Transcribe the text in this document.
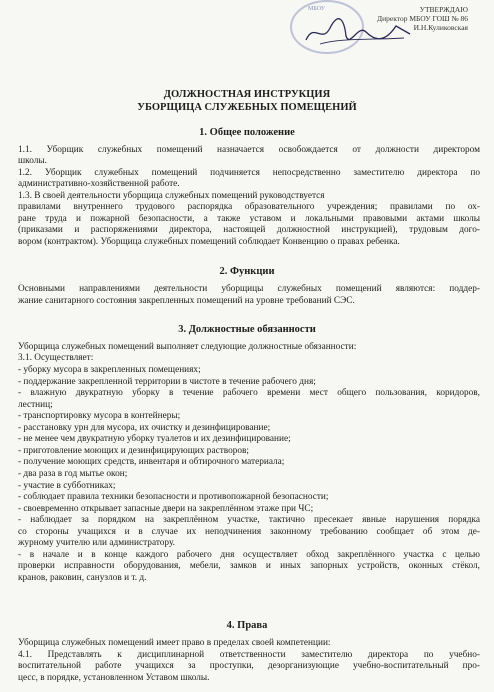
МБОУ	УТВЕРЖДАЮ
Директор МБОУ ГОШ № 86
И.Н.Куликовская
ДОЛЖНОСТНАЯ ИНСТРУКЦИЯ
УБОРЩИЦА СЛУЖЕБНЫХ ПОМЕЩЕНИЙ
1. Общее положение
1.1. Уборщик служебных помещений назначается освобождается от должности директором
школы.
1.2. Уборщик служебных помещений подчиняется непосредственно заместителю директора по
административно-хозяйственной работе.
1.3. В своей деятельности уборщица служебных помещений руководствуется
правилами внутреннего трудового распорядка образовательного учреждения; правилами по ох-
ране труда и пожарной безопасности, а также уставом и локальными правовыми актами школы
(приказами и распоряжениями директора, настоящей должностной инструкцией), трудовым дого-
вором (контрактом). Уборщица служебных помещений соблюдает Конвенцию о правах ребенка.
2. Функции
Основными направлениями деятельности уборщицы служебных помещений являются: поддер-
жание санитарного состояния закрепленных помещений на уровне требований СЭС.
3. Должностные обязанности
Уборщица служебных помещений выполняет следующие должностные обязанности:
3.1. Осуществляет:
- уборку мусора в закрепленных помещениях;
- поддержание закрепленной территории в чистоте в течение рабочего дня;
- влажную двукратную уборку в течение рабочего времени мест общего пользования, коридоров,
лестниц;
- транспортировку мусора в контейнеры;
- расстановку урн для мусора, их очистку и дезинфицирование;
- не менее чем двукратную уборку туалетов и их дезинфицирование;
- приготовление моющих и дезинфицирующих растворов;
- получение моющих средств, инвентаря и обтирочного материала;
- два раза в год мытье окон;
- участие в субботниках;
- соблюдает правила техники безопасности и противопожарной безопасности;
- своевременно открывает запасные двери на закреплённом этаже при ЧС;
- наблюдает за порядком на закреплённом участке, тактично пресекает явные нарушения порядка
со стороны учащихся и в случае их неподчинения законному требованию сообщает об этом де-
журному учителю или администратору.
- в начале и в конце каждого рабочего дня осуществляет обход закреплённого участка с целью
проверки исправности оборудования, мебели, замков и иных запорных устройств, оконных стёкол,
кранов, раковин, санузлов и т. д.
4. Права
Уборщица служебных помещений имеет право в пределах своей компетенции:
4.1. Представлять к дисциплинарной ответственности заместителю директора по учебно-
воспитательной работе учащихся за проступки, дезорганизующие учебно-воспитательный про-
цесс, в порядке, установленном Уставом школы.
